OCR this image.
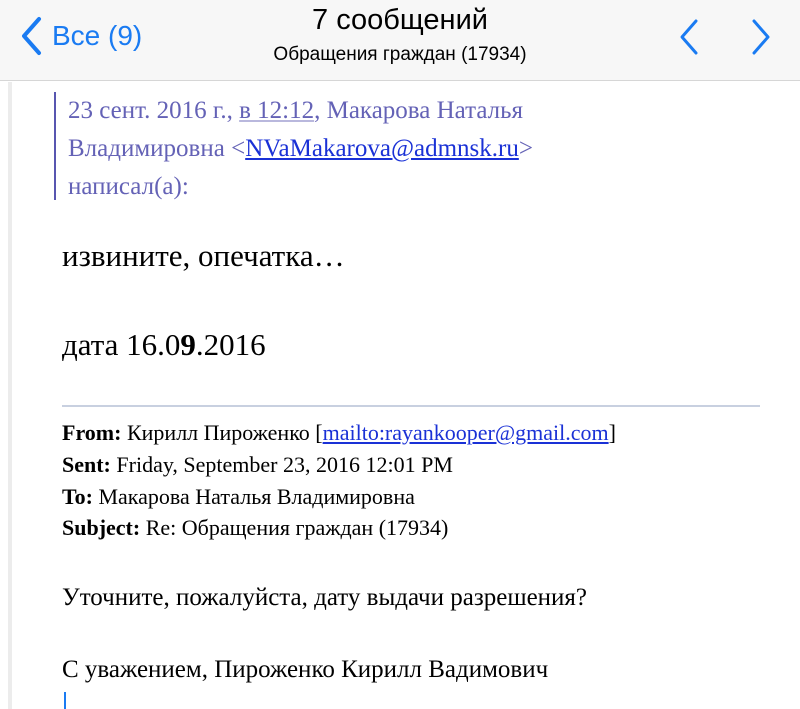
Все (9)	7 сообщений
Обращения граждан (17934)
23 сент. 2016 г., в 12:12, Макарова Наталья
Владимировна <NVaMakarova@admnsk.ru>
написал(а):
извините, опечатка…
дата 16.09.2016
From: Кирилл Пироженко [mailto:rayankooper@gmail.com]
Sent: Friday, September 23, 2016 12:01 PM
To: Макарова Наталья Владимировна
Subject: Re: Обращения граждан (17934)
Уточните, пожалуйста, дату выдачи разрешения?
С уважением, Пироженко Кирилл Вадимович
